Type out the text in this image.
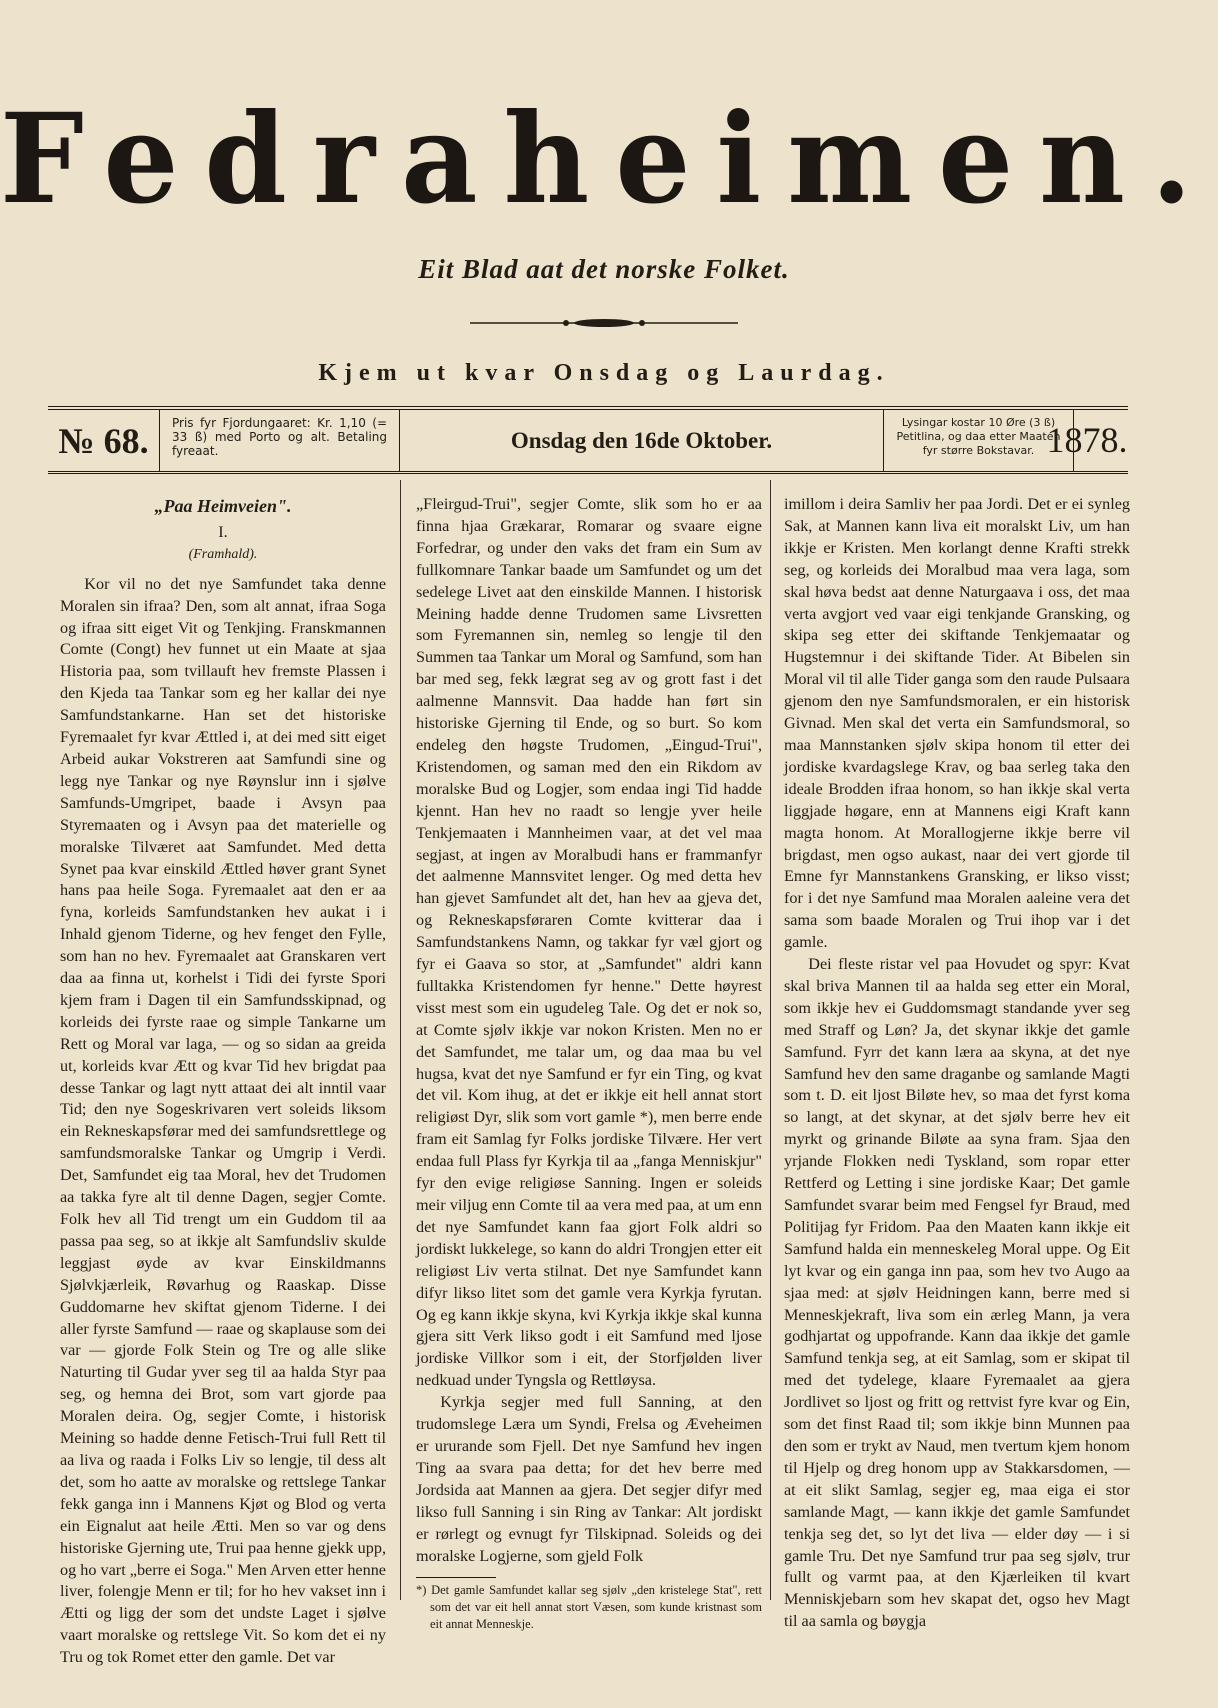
Fedraheimen.
Eit Blad aat det norske Folket.
Kjem ut kvar Onsdag og Laurdag.
№ 68.	Pris fyr Fjordungaaret: Kr. 1,10 (= 33 ß) med Porto og alt. Betaling fyreaat.	Onsdag den 16de Oktober.
Lysingar kostar 10 Øre (3 ß) Petitlina, og daa etter Maaten fyr større Bokstavar. 1878.
„Paa Heimveien".
I.
(Framhald).

Kor vil no det nye Samfundet taka denne Moralen sin ifraa? Den, som alt annat, ifraa Soga og ifraa sitt eiget Vit og Tenkjing. Franskmannen Comte (Congt) hev funnet ut ein Maate at sjaa Historia paa, som tvillauft hev fremste Plassen i den Kjeda taa Tankar som eg her kallar dei nye Samfundstankarne. Han set det historiske Fyremaalet fyr kvar Ættled i, at dei med sitt eiget Arbeid aukar Vokstreren aat Samfundi sine og legg nye Tankar og nye Røynslur inn i sjølve Samfunds-Umgripet, baade i Avsyn paa Styremaaten og i Avsyn paa det materielle og moralske Tilværet aat Samfundet. Med detta Synet paa kvar einskild Ættled høver grant Synet hans paa heile Soga. Fyremaalet aat den er aa fyna, korleids Samfundstanken hev aukat i i Inhald gjenom Tiderne, og hev fenget den Fylle, som han no hev. Fyremaalet aat Granskaren vert daa aa finna ut, korhelst i Tidi dei fyrste Spori kjem fram i Dagen til ein Samfundsskipnad, og korleids dei fyrste raae og simple Tankarne um Rett og Moral var laga, — og so sidan aa greida ut, korleids kvar Ætt og kvar Tid hev brigdat paa desse Tankar og lagt nytt attaat dei alt inntil vaar Tid; den nye Sogeskrivaren vert soleids liksom ein Rekneskapsførar med dei samfundsrettlege og samfundsmoralske Tankar og Umgrip i Verdi. Det, Samfundet eig taa Moral, hev det Trudomen aa takka fyre alt til denne Dagen, segjer Comte. Folk hev all Tid trengt um ein Guddom til aa passa paa seg, so at ikkje alt Samfundsliv skulde leggjast øyde av kvar Einskildmanns Sjølvkjærleik, Røvarhug og Raaskap. Disse Guddomarne hev skiftat gjenom Tiderne. I dei aller fyrste Samfund — raae og skaplause som dei var — gjorde Folk Stein og Tre og alle slike Naturting til Gudar yver seg til aa halda Styr paa seg, og hemna dei Brot, som vart gjorde paa Moralen deira. Og, segjer Comte, i historisk Meining so hadde denne Fetisch-Trui full Rett til aa liva og raada i Folks Liv so lengje, til dess alt det, som ho aatte av moralske og rettslege Tankar fekk ganga inn i Mannens Kjøt og Blod og verta ein Eignalut aat heile Ætti. Men so var og dens historiske Gjerning ute, Trui paa henne gjekk upp, og ho vart „berre ei Soga." Men Arven etter henne liver, folengje Menn er til; for ho hev vakset inn i Ætti og ligg der som det undste Laget i sjølve vaart moralske og rettslege Vit. So kom det ei ny Tru og tok Romet etter den gamle. Det var

„Fleirgud-Trui", segjer Comte, slik som ho er aa finna hjaa Grækarar, Romarar og svaare eigne Forfedrar, og under den vaks det fram ein Sum av fullkomnare Tankar baade um Samfundet og um det sedelege Livet aat den einskilde Mannen. I historisk Meining hadde denne Trudomen same Livsretten som Fyremannen sin, nemleg so lengje til den Summen taa Tankar um Moral og Samfund, som han bar med seg, fekk lægrat seg av og grott fast i det aalmenne Mannsvit. Daa hadde han ført sin historiske Gjerning til Ende, og so burt. So kom endeleg den høgste Trudomen, „Eingud-Trui", Kristendomen, og saman med den ein Rikdom av moralske Bud og Logjer, som endaa ingi Tid hadde kjennt. Han hev no raadt so lengje yver heile Tenkjemaaten i Mannheimen vaar, at det vel maa segjast, at ingen av Moralbudi hans er frammanfyr det aalmenne Mannsvitet lenger. Og med detta hev han gjevet Samfundet alt det, han hev aa gjeva det, og Rekneskapsføraren Comte kvitterar daa i Samfundstankens Namn, og takkar fyr væl gjort og fyr ei Gaava so stor, at „Samfundet" aldri kann fulltakka Kristendomen fyr henne." Dette høyrest visst mest som ein ugudeleg Tale. Og det er nok so, at Comte sjølv ikkje var nokon Kristen. Men no er det Samfundet, me talar um, og daa maa bu vel hugsa, kvat det nye Samfund er fyr ein Ting, og kvat det vil. Kom ihug, at det er ikkje eit hell annat stort religiøst Dyr, slik som vort gamle *), men berre ende fram eit Samlag fyr Folks jordiske Tilvære. Her vert endaa full Plass fyr Kyrkja til aa „fanga Menniskjur" fyr den evige religiøse Sanning. Ingen er soleids meir viljug enn Comte til aa vera med paa, at um enn det nye Samfundet kann faa gjort Folk aldri so jordiskt lukkelege, so kann do aldri Trongjen etter eit religiøst Liv verta stilnat. Det nye Samfundet kann difyr likso litet som det gamle vera Kyrkja fyrutan. Og eg kann ikkje skyna, kvi Kyrkja ikkje skal kunna gjera sitt Verk likso godt i eit Samfund med ljose jordiske Villkor som i eit, der Storfjølden liver nedkuad under Tyngsla og Rettløysa.

Kyrkja segjer med full Sanning, at den trudomslege Læra um Syndi, Frelsa og Æveheimen er ururande som Fjell. Det nye Samfund hev ingen Ting aa svara paa detta; for det hev berre med Jordsida aat Mannen aa gjera. Det segjer difyr med likso full Sanning i sin Ring av Tankar: Alt jordiskt er rørlegt og evnugt fyr Tilskipnad. Soleids og dei moralske Logjerne, som gjeld Folk

*) Det gamle Samfundet kallar seg sjølv „den kristelege Stat", rett som det var eit hell annat stort Væsen, som kunde kristnast som eit annat Menneskje.

imillom i deira Samliv her paa Jordi. Det er ei synleg Sak, at Mannen kann liva eit moralskt Liv, um han ikkje er Kristen. Men korlangt denne Krafti strekk seg, og korleids dei Moralbud maa vera laga, som skal høva bedst aat denne Naturgaava i oss, det maa verta avgjort ved vaar eigi tenkjande Gransking, og skipa seg etter dei skiftande Tenkjemaatar og Hugstemnur i dei skiftande Tider. At Bibelen sin Moral vil til alle Tider ganga som den raude Pulsaara gjenom den nye Samfundsmoralen, er ein historisk Givnad. Men skal det verta ein Samfundsmoral, so maa Mannstanken sjølv skipa honom til etter dei jordiske kvardagslege Krav, og baa serleg taka den ideale Brodden ifraa honom, so han ikkje skal verta liggjade høgare, enn at Mannens eigi Kraft kann magta honom. At Morallogjerne ikkje berre vil brigdast, men ogso aukast, naar dei vert gjorde til Emne fyr Mannstankens Gransking, er likso visst; for i det nye Samfund maa Moralen aaleine vera det sama som baade Moralen og Trui ihop var i det gamle.

Dei fleste ristar vel paa Hovudet og spyr: Kvat skal briva Mannen til aa halda seg etter ein Moral, som ikkje hev ei Guddomsmagt standande yver seg med Straff og Løn? Ja, det skynar ikkje det gamle Samfund. Fyrr det kann læra aa skyna, at det nye Samfund hev den same draganbe og samlande Magti som t. D. eit ljost Biløte hev, so maa det fyrst koma so langt, at det skynar, at det sjølv berre hev eit myrkt og grinande Biløte aa syna fram. Sjaa den yrjande Flokken nedi Tyskland, som ropar etter Rettferd og Letting i sine jordiske Kaar; Det gamle Samfundet svarar beim med Fengsel fyr Braud, med Politijag fyr Fridom. Paa den Maaten kann ikkje eit Samfund halda ein menneskeleg Moral uppe. Og Eit lyt kvar og ein ganga inn paa, som hev tvo Augo aa sjaa med: at sjølv Heidningen kann, berre med si Menneskjekraft, liva som ein ærleg Mann, ja vera godhjartat og uppofrande. Kann daa ikkje det gamle Samfund tenkja seg, at eit Samlag, som er skipat til med det tydelege, klaare Fyremaalet aa gjera Jordlivet so ljost og fritt og rettvist fyre kvar og Ein, som det finst Raad til; som ikkje binn Munnen paa den som er trykt av Naud, men tvertum kjem honom til Hjelp og dreg honom upp av Stakkarsdomen, — at eit slikt Samlag, segjer eg, maa eiga ei stor samlande Magt, — kann ikkje det gamle Samfundet tenkja seg det, so lyt det liva — elder døy — i si gamle Tru. Det nye Samfund trur paa seg sjølv, trur fullt og varmt paa, at den Kjærleiken til kvart Menniskjebarn som hev skapat det, ogso hev Magt til aa samla og bøygja
